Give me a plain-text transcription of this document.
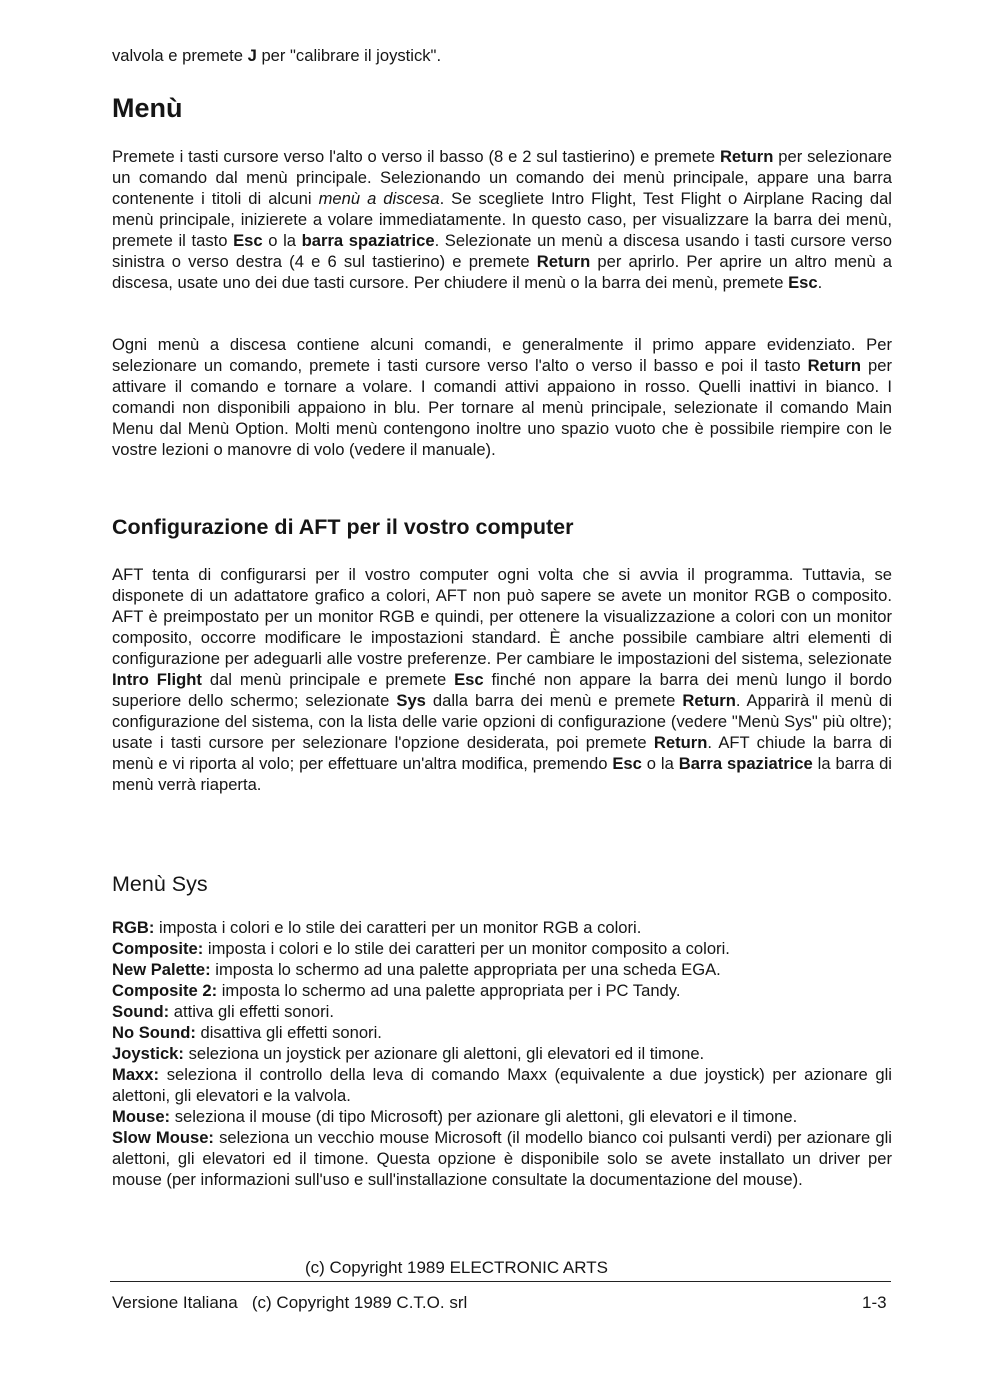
valvola e premete J per "calibrare il joystick".

Menù

Premete i tasti cursore verso l'alto o verso il basso (8 e 2 sul tastierino) e premete Return per selezionare un comando dal menù principale. Selezionando un comando dei menù principale, appare una barra contenente i titoli di alcuni menù a discesa. Se scegliete Intro Flight, Test Flight o Airplane Racing dal menù principale, inizierete a volare immediatamente. In questo caso, per visualizzare la barra dei menù, premete il tasto Esc o la barra spaziatrice. Selezionate un menù a discesa usando i tasti cursore verso sinistra o verso destra (4 e 6 sul tastierino) e premete Return per aprirlo. Per aprire un altro menù a discesa, usate uno dei due tasti cursore. Per chiudere il menù o la barra dei menù, premete Esc.

Ogni menù a discesa contiene alcuni comandi, e generalmente il primo appare evidenziato. Per selezionare un comando, premete i tasti cursore verso l'alto o verso il basso e poi il tasto Return per attivare il comando e tornare a volare. I comandi attivi appaiono in rosso. Quelli inattivi in bianco. I comandi non disponibili appaiono in blu. Per tornare al menù principale, selezionate il comando Main Menu dal Menù Option. Molti menù contengono inoltre uno spazio vuoto che è possibile riempire con le vostre lezioni o manovre di volo (vedere il manuale).

Configurazione di AFT per il vostro computer

AFT tenta di configurarsi per il vostro computer ogni volta che si avvia il programma. Tuttavia, se disponete di un adattatore grafico a colori, AFT non può sapere se avete un monitor RGB o composito. AFT è preimpostato per un monitor RGB e quindi, per ottenere la visualizzazione a colori con un monitor composito, occorre modificare le impostazioni standard. È anche possibile cambiare altri elementi di configurazione per adeguarli alle vostre preferenze. Per cambiare le impostazioni del sistema, selezionate Intro Flight dal menù principale e premete Esc finché non appare la barra dei menù lungo il bordo superiore dello schermo; selezionate Sys dalla barra dei menù e premete Return. Apparirà il menù di configurazione del sistema, con la lista delle varie opzioni di configurazione (vedere "Menù Sys" più oltre); usate i tasti cursore per selezionare l'opzione desiderata, poi premete Return. AFT chiude la barra di menù e vi riporta al volo; per effettuare un'altra modifica, premendo Esc o la Barra spaziatrice la barra di menù verrà riaperta.

Menù Sys
RGB: imposta i colori e lo stile dei caratteri per un monitor RGB a colori.
Composite: imposta i colori e lo stile dei caratteri per un monitor composito a colori.
New Palette: imposta lo schermo ad una palette appropriata per una scheda EGA.
Composite 2: imposta lo schermo ad una palette appropriata per i PC Tandy.
Sound: attiva gli effetti sonori.
No Sound: disattiva gli effetti sonori.
Joystick: seleziona un joystick per azionare gli alettoni, gli elevatori ed il timone.
Maxx: seleziona il controllo della leva di comando Maxx (equivalente a due joystick) per azionare gli alettoni, gli elevatori e la valvola.
Mouse: seleziona il mouse (di tipo Microsoft) per azionare gli alettoni, gli elevatori e il timone.
Slow Mouse: seleziona un vecchio mouse Microsoft (il modello bianco coi pulsanti verdi) per azionare gli alettoni, gli elevatori ed il timone. Questa opzione è disponibile solo se avete installato un driver per mouse (per informazioni sull'uso e sull'installazione consultate la documentazione del mouse).
(c) Copyright 1989 ELECTRONIC ARTS
Versione Italiana   (c) Copyright 1989 C.T.O. srl	1-3
